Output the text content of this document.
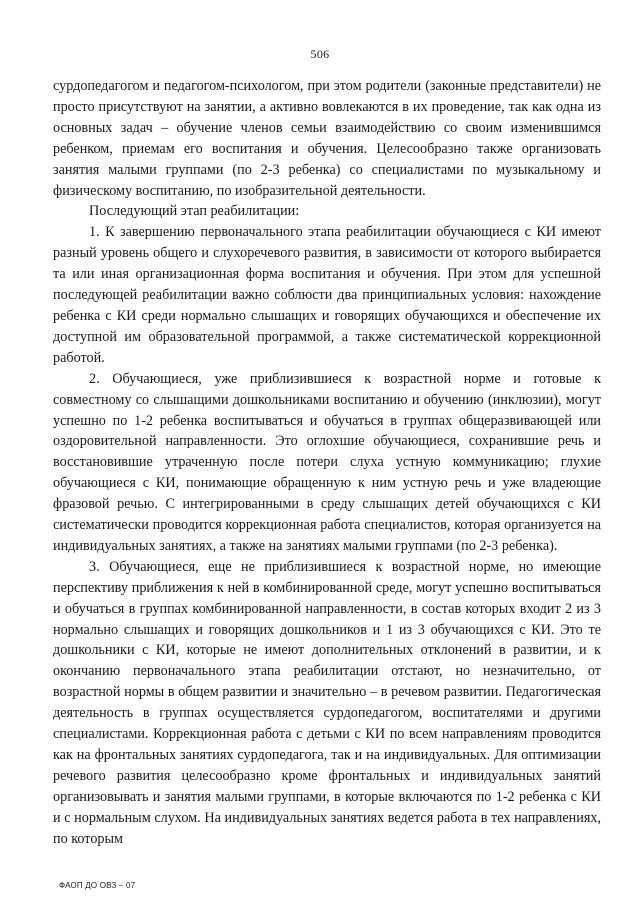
506

сурдопедагогом и педагогом-психологом, при этом родители (законные представители) не просто присутствуют на занятии, а активно вовлекаются в их проведение, так как одна из основных задач – обучение членов семьи взаимодействию со своим изменившимся ребенком, приемам его воспитания и обучения. Целесообразно также организовать занятия малыми группами (по 2-3 ребенка) со специалистами по музыкальному и физическому воспитанию, по изобразительной деятельности.

Последующий этап реабилитации:

1. К завершению первоначального этапа реабилитации обучающиеся с КИ имеют разный уровень общего и слухоречевого развития, в зависимости от которого выбирается та или иная организационная форма воспитания и обучения. При этом для успешной последующей реабилитации важно соблюсти два принципиальных условия: нахождение ребенка с КИ среди нормально слышащих и говорящих обучающихся и обеспечение их доступной им образовательной программой, а также систематической коррекционной работой.

2. Обучающиеся, уже приблизившиеся к возрастной норме и готовые к совместному со слышащими дошкольниками воспитанию и обучению (инклюзии), могут успешно по 1-2 ребенка воспитываться и обучаться в группах общеразвивающей или оздоровительной направленности. Это оглохшие обучающиеся, сохранившие речь и восстановившие утраченную после потери слуха устную коммуникацию; глухие обучающиеся с КИ, понимающие обращенную к ним устную речь и уже владеющие фразовой речью. С интегрированными в среду слышащих детей обучающихся с КИ систематически проводится коррекционная работа специалистов, которая организуется на индивидуальных занятиях, а также на занятиях малыми группами (по 2-3 ребенка).

3. Обучающиеся, еще не приблизившиеся к возрастной норме, но имеющие перспективу приближения к ней в комбинированной среде, могут успешно воспитываться и обучаться в группах комбинированной направленности, в состав которых входит 2 из 3 нормально слышащих и говорящих дошкольников и 1 из 3 обучающихся с КИ. Это те дошкольники с КИ, которые не имеют дополнительных отклонений в развитии, и к окончанию первоначального этапа реабилитации отстают, но незначительно, от возрастной нормы в общем развитии и значительно – в речевом развитии. Педагогическая деятельность в группах осуществляется сурдопедагогом, воспитателями и другими специалистами. Коррекционная работа с детьми с КИ по всем направлениям проводится как на фронтальных занятиях сурдопедагога, так и на индивидуальных. Для оптимизации речевого развития целесообразно кроме фронтальных и индивидуальных занятий организовывать и занятия малыми группами, в которые включаются по 1-2 ребенка с КИ и с нормальным слухом. На индивидуальных занятиях ведется работа в тех направлениях, по которым

ФАОП ДО ОВЗ – 07
